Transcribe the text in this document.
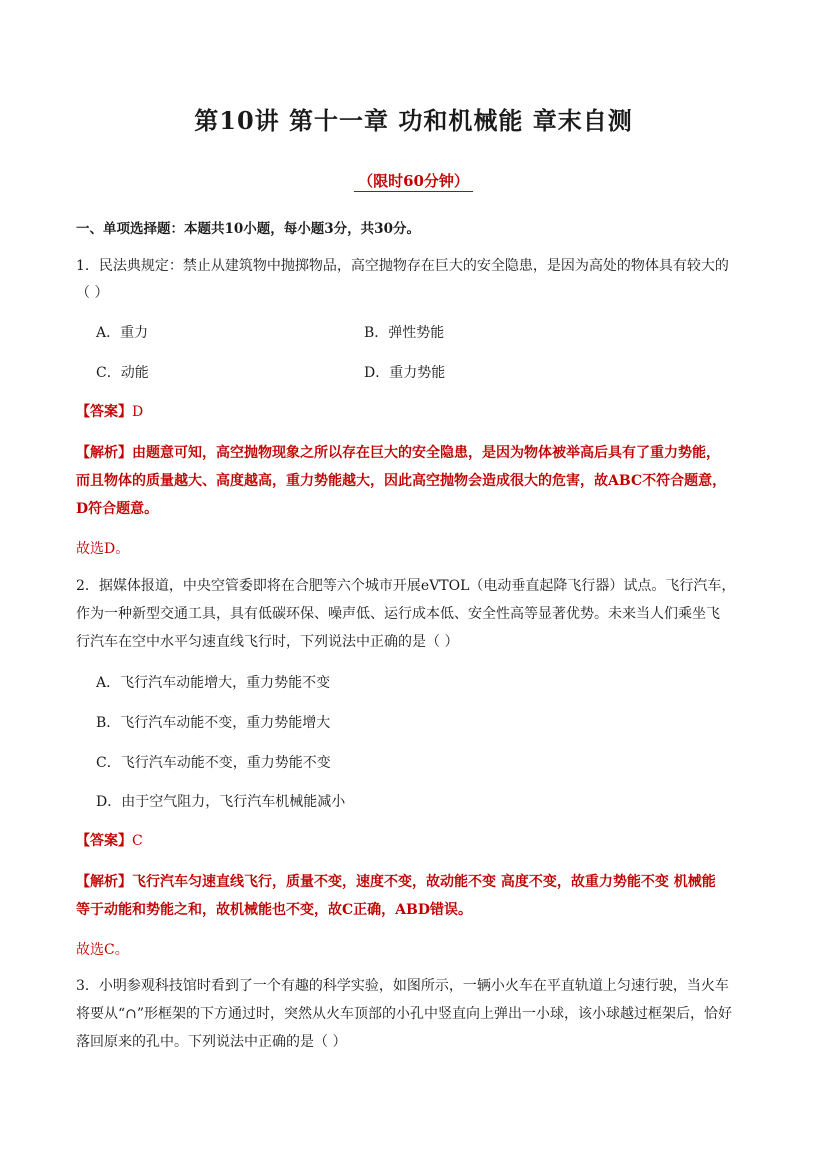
第10讲 第十一章 功和机械能 章末自测
（限时60分钟）
一、单项选择题：本题共10小题，每小题3分，共30分。
1．民法典规定：禁止从建筑物中抛掷物品，高空抛物存在巨大的安全隐患，是因为高处的物体具有较大的
（ ）
A．重力	B．弹性势能
C．动能	D．重力势能
【答案】D
【解析】由题意可知，高空抛物现象之所以存在巨大的安全隐患，是因为物体被举高后具有了重力势能，
而且物体的质量越大、高度越高，重力势能越大，因此高空抛物会造成很大的危害，故ABC不符合题意，
D符合题意。
故选D。
2．据媒体报道，中央空管委即将在合肥等六个城市开展eVTOL（电动垂直起降飞行器）试点。飞行汽车，
作为一种新型交通工具，具有低碳环保、噪声低、运行成本低、安全性高等显著优势。未来当人们乘坐飞
行汽车在空中水平匀速直线飞行时，下列说法中正确的是（ ）
A．飞行汽车动能增大，重力势能不变
B．飞行汽车动能不变，重力势能增大
C．飞行汽车动能不变，重力势能不变
D．由于空气阻力，飞行汽车机械能减小
【答案】C
【解析】飞行汽车匀速直线飞行，质量不变，速度不变，故动能不变 高度不变，故重力势能不变 机械能
等于动能和势能之和，故机械能也不变，故C正确，ABD错误。
故选C。
3．小明参观科技馆时看到了一个有趣的科学实验，如图所示，一辆小火车在平直轨道上匀速行驶，当火车
将要从“∩”形框架的下方通过时，突然从火车顶部的小孔中竖直向上弹出一小球，该小球越过框架后，恰好
落回原来的孔中。下列说法中正确的是（ ）
